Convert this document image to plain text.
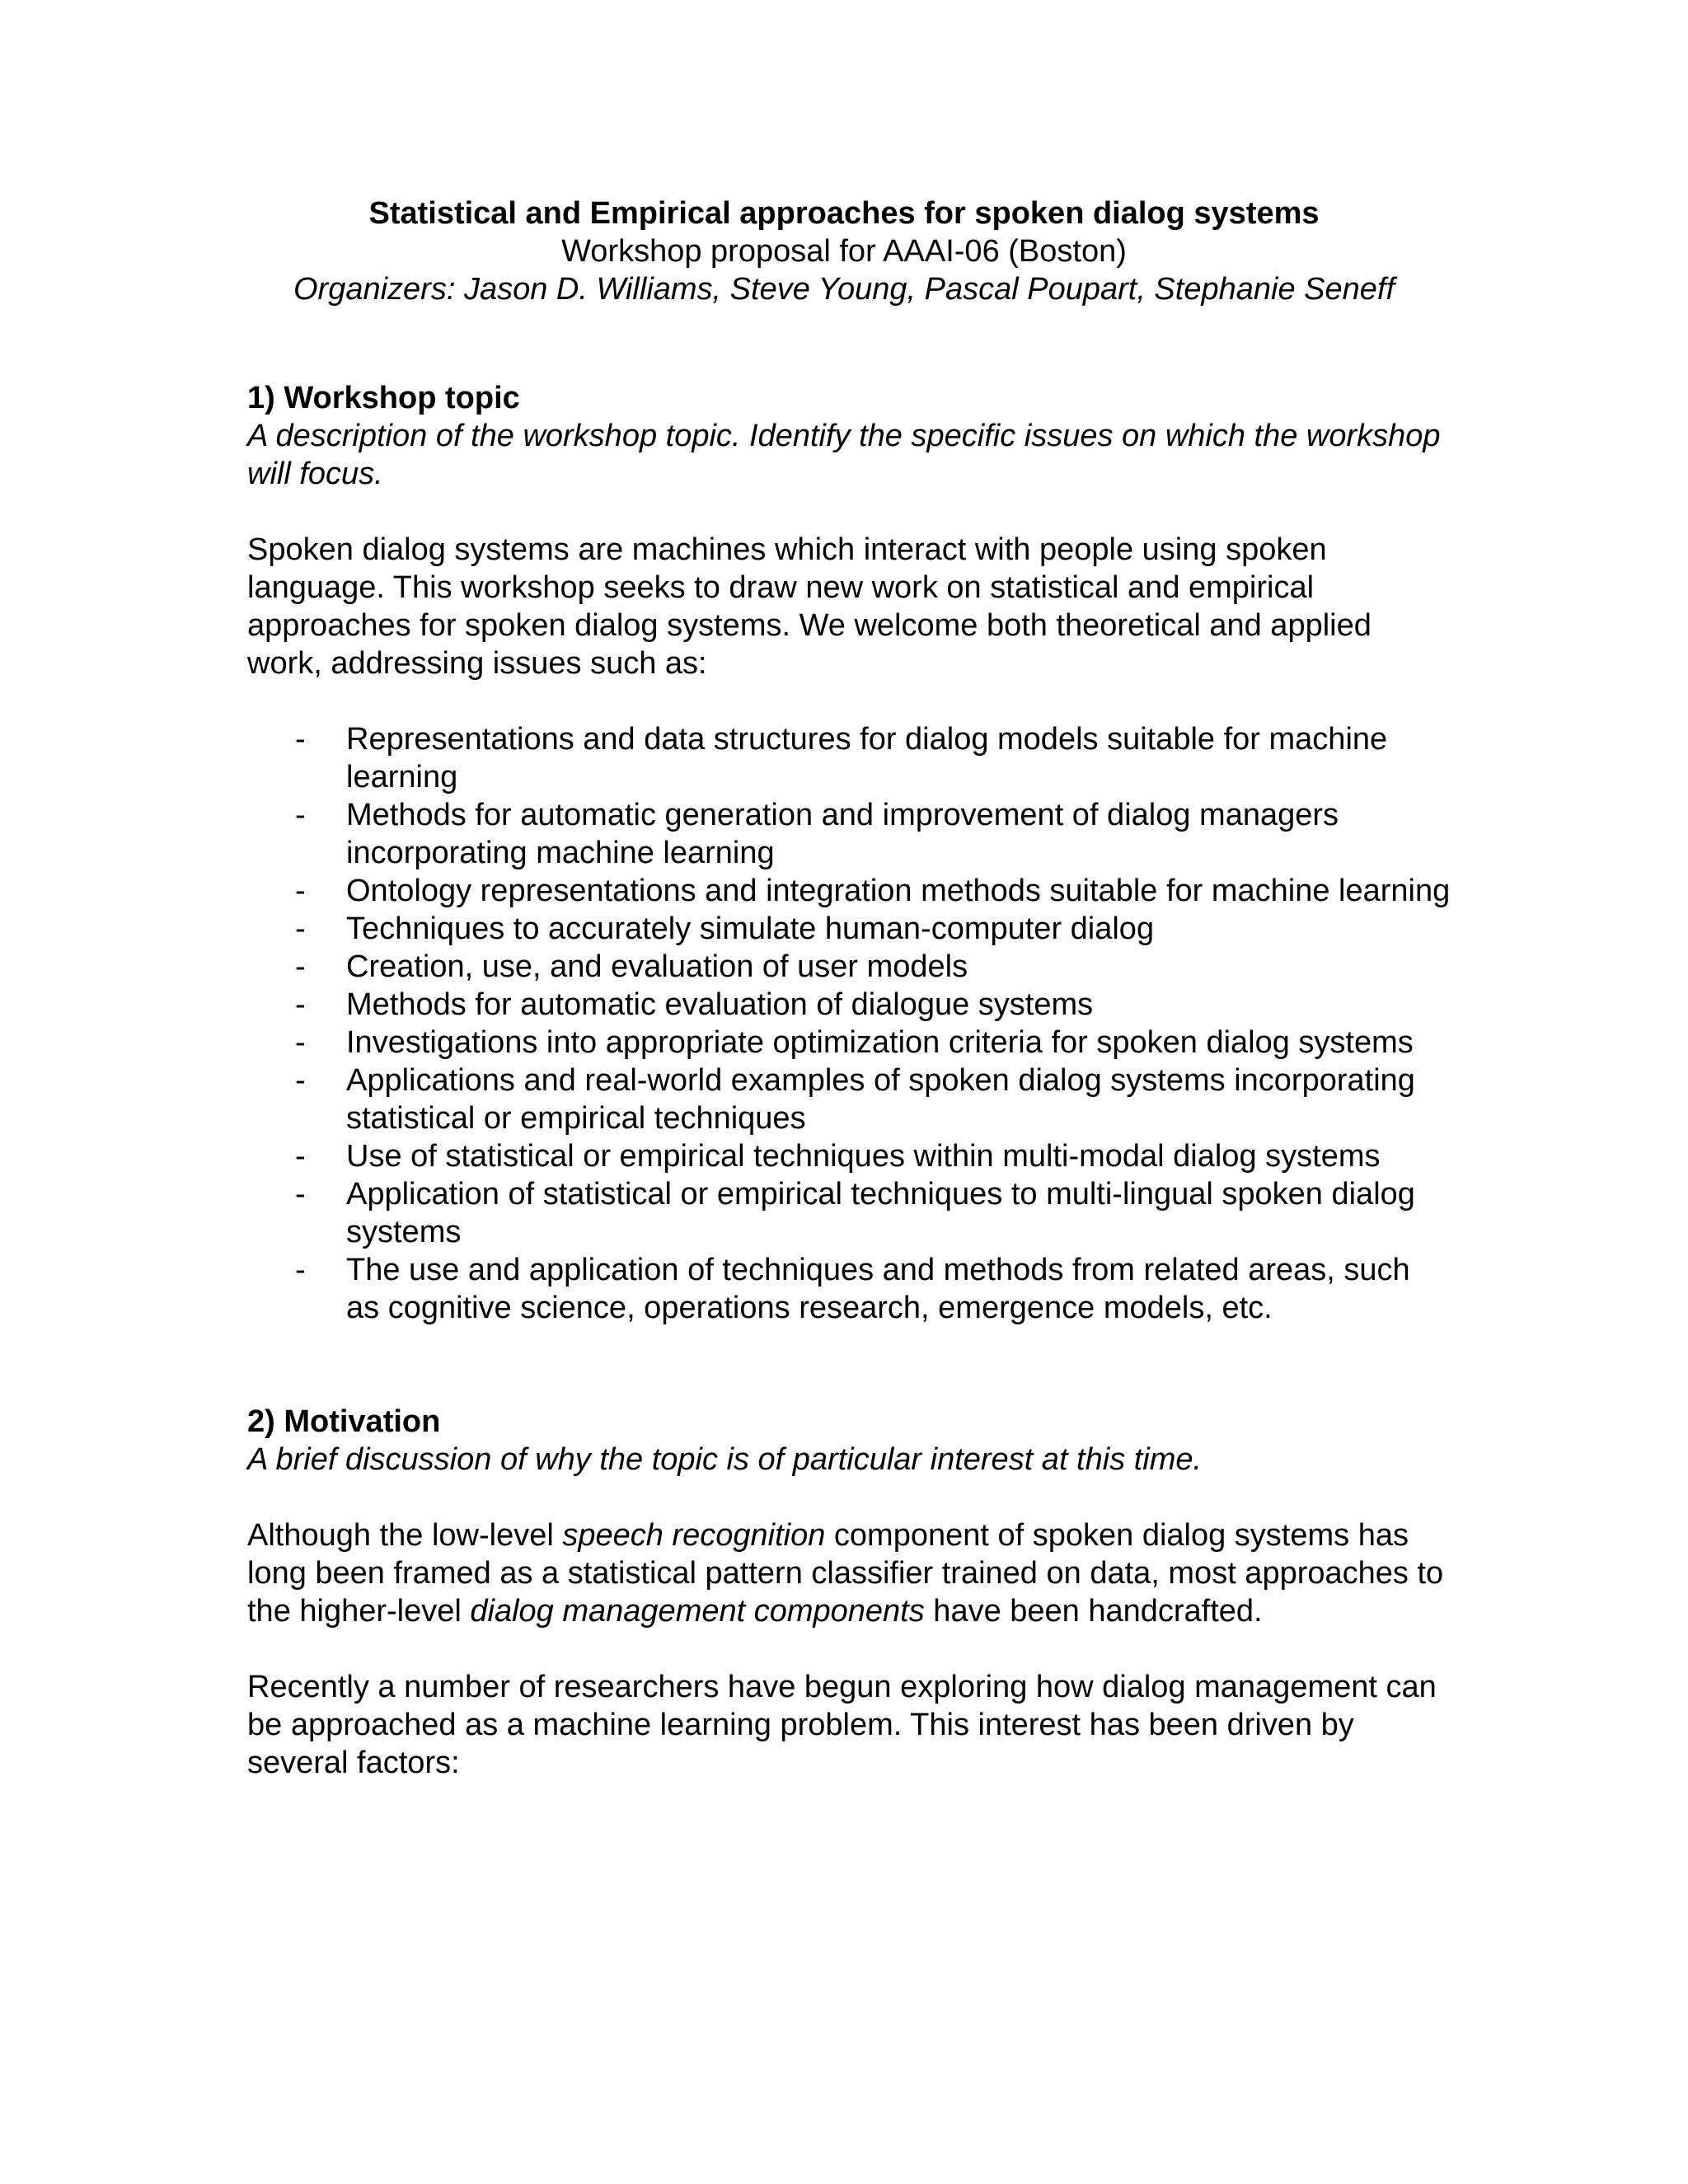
Statistical and Empirical approaches for spoken dialog systems

Workshop proposal for AAAI-06 (Boston)

Organizers: Jason D. Williams, Steve Young, Pascal Poupart, Stephanie Seneff

1) Workshop topic

A description of the workshop topic. Identify the specific issues on which the workshop will focus.

Spoken dialog systems are machines which interact with people using spoken language. This workshop seeks to draw new work on statistical and empirical approaches for spoken dialog systems. We welcome both theoretical and applied work, addressing issues such as:

- Representations and data structures for dialog models suitable for machine learning
- Methods for automatic generation and improvement of dialog managers incorporating machine learning
- Ontology representations and integration methods suitable for machine learning
- Techniques to accurately simulate human-computer dialog
- Creation, use, and evaluation of user models
- Methods for automatic evaluation of dialogue systems
- Investigations into appropriate optimization criteria for spoken dialog systems
- Applications and real-world examples of spoken dialog systems incorporating statistical or empirical techniques
- Use of statistical or empirical techniques within multi-modal dialog systems
- Application of statistical or empirical techniques to multi-lingual spoken dialog systems
- The use and application of techniques and methods from related areas, such as cognitive science, operations research, emergence models, etc.

2) Motivation

A brief discussion of why the topic is of particular interest at this time.

Although the low-level speech recognition component of spoken dialog systems has long been framed as a statistical pattern classifier trained on data, most approaches to the higher-level dialog management components have been handcrafted.

Recently a number of researchers have begun exploring how dialog management can be approached as a machine learning problem. This interest has been driven by several factors:
